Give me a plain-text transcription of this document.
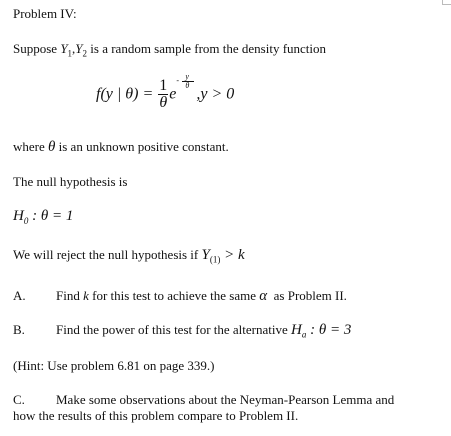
Problem IV:
Suppose $Y_1,Y_2$ is a random sample from the density function
f(y | $\theta) = \frac{1}{\theta}$ e
- y
θ ,y > 0
where θ is an unknown positive constant.
The null hypothesis is
$H_0$ : θ = 1
We will reject the null hypothesis if $Y_{(1)} > k$
A. Find k for this test to achieve the same α  as Problem II.
B. Find the power of this test for the alternative $H_a$ : θ = 3
(Hint: Use problem 6.81 on page 339.)
C. Make some observations about the Neyman-Pearson Lemma and
how the results of this problem compare to Problem II.
